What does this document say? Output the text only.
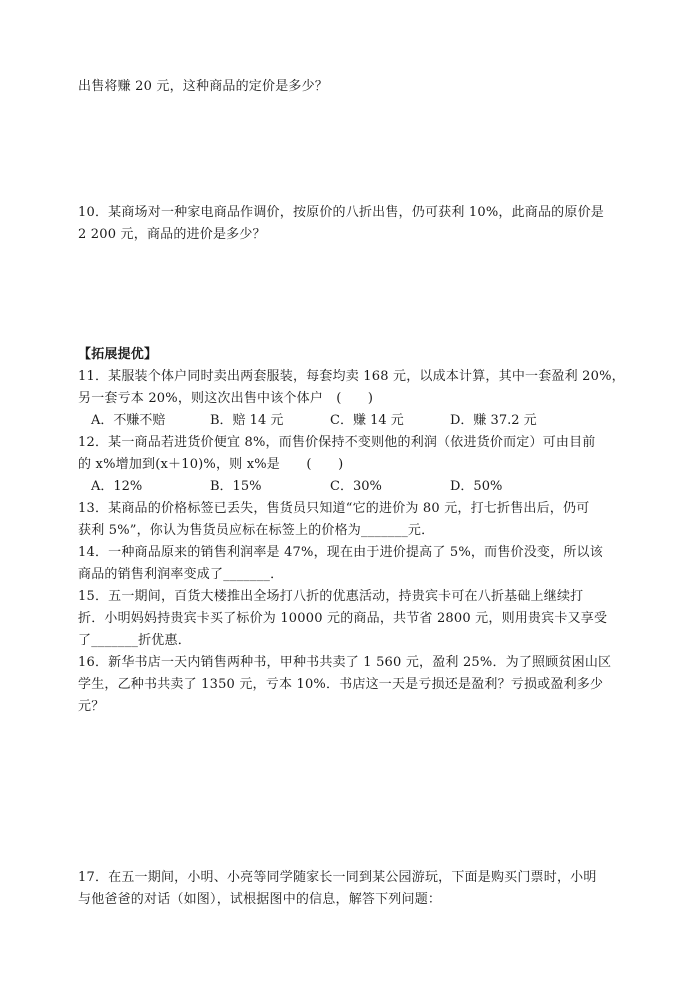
出售将赚 20 元，这种商品的定价是多少？
10．某商场对一种家电商品作调价，按原价的八折出售，仍可获利 10%，此商品的原价是
2 200 元，商品的进价是多少？
【拓展提优】
11．某服装个体户同时卖出两套服装，每套均卖 168 元，以成本计算，其中一套盈利 20%，
另一套亏本 20%，则这次出售中该个体户　(　　)
A．不赚不赔	B．赔 14 元	C．赚 14 元	D．赚 37.2 元
12．某一商品若进货价便宜 8%，而售价保持不变则他的利润（依进货价而定）可由目前
的 x%增加到(x＋10)%，则 x%是　　(　　)
A．12%	B．15%	C．30%	D．50%
13．某商品的价格标签已丢失，售货员只知道“它的进价为 80 元，打七折售出后，仍可
获利 5%”，你认为售货员应标在标签上的价格为_______元．
14．一种商品原来的销售利润率是 47%，现在由于进价提高了 5%，而售价没变，所以该
商品的销售利润率变成了_______．
15．五一期间，百货大楼推出全场打八折的优惠活动，持贵宾卡可在八折基础上继续打
折．小明妈妈持贵宾卡买了标价为 10000 元的商品，共节省 2800 元，则用贵宾卡又享受
了_______折优惠．
16．新华书店一天内销售两种书，甲种书共卖了 1 560 元，盈利 25%．为了照顾贫困山区
学生，乙种书共卖了 1350 元，亏本 10%．书店这一天是亏损还是盈利？亏损或盈利多少
元？
17．在五一期间，小明、小亮等同学随家长一同到某公园游玩，下面是购买门票时，小明
与他爸爸的对话（如图），试根据图中的信息，解答下列问题：
